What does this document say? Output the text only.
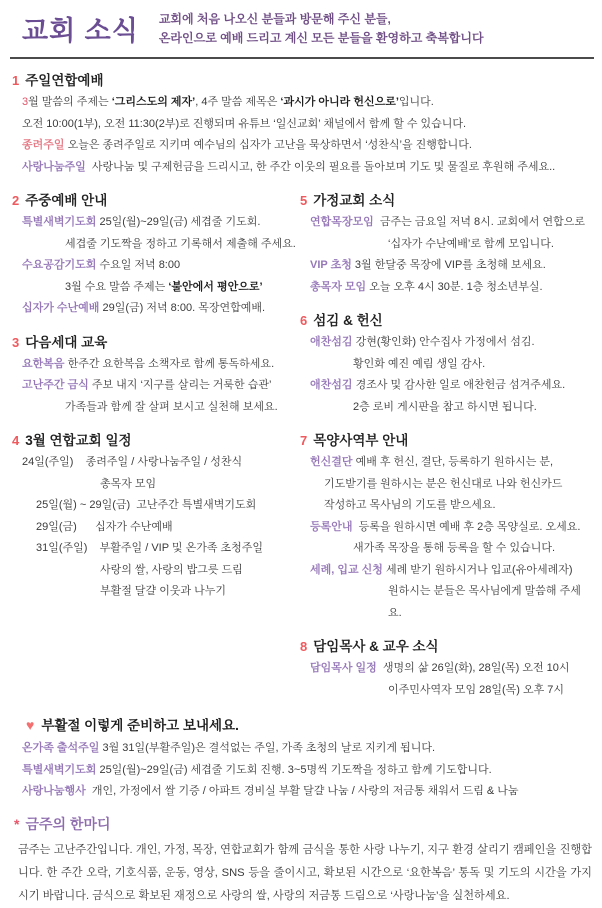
교회 소식 교회에 처음 나오신 분들과 방문해 주신 분들,
온라인으로 예배 드리고 계신 모든 분들을 환영하고 축복합니다
1 주일연합예배
3월 말씀의 주제는 ‘그리스도의 제자’, 4주 말씀 제목은 ‘과시가 아니라 헌신으로’입니다.
오전 10:00(1부), 오전 11:30(2부)로 진행되며 유튜브 ‘일신교회’ 채널에서 함께 할 수 있습니다.
종려주일 오늘은 종려주일로 지키며 예수님의 십자가 고난을 묵상하면서 ‘성찬식’을 진행합니다.
사랑나눔주일  사랑나눔 및 구제헌금을 드리시고, 한 주간 이웃의 필요를 돌아보며 기도 및 물질로 후원해 주세요..
2 주중예배 안내
특별새벽기도회 25일(월)~29일(금) 세겹줄 기도회.
세겹줄 기도짝을 정하고 기록해서 제출해 주세요.
수요공감기도회 수요일 저녁 8:00
3월 수요 말씀 주제는 ‘불안에서 평안으로’
십자가 수난예배 29일(금) 저녁 8:00. 목장연합예배.
3 다음세대 교육
요한복음 한주간 요한복음 소책자로 함께 통독하세요.
고난주간 금식 주보 내지 ‘지구를 살리는 거룩한 습관’
가족들과 함께 잘 살펴 보시고 실천해 보세요.
4 3월 연합교회 일정
24일(주일)    종려주일 / 사랑나눔주일 / 성찬식
총목자 모임
25일(월) ~ 29일(금)  고난주간 특별새벽기도회
29일(금)      십자가 수난예배
31일(주일)    부활주일 / VIP 및 온가족 초청주일
사랑의 쌀, 사랑의 밥그릇 드림
부활절 달걀 이웃과 나누기
5 가정교회 소식
연합목장모임  금주는 금요일 저녁 8시. 교회에서 연합으로
‘십자가 수난예배’로 함께 모입니다.
VIP 초청 3월 한달중 목장에 VIP를 초청해 보세요.
총목자 모임 오늘 오후 4시 30분. 1층 청소년부실.
6 섬김 & 헌신
애찬섬김 강현(황인화) 안수집사 가정에서 섬김.
황인화 예진 예림 생일 감사.
애찬섬김 경조사 및 감사한 일로 애찬헌금 섬겨주세요.
2층 로비 게시판을 참고 하시면 됩니다.
7 목양사역부 안내
헌신결단 예배 후 헌신, 결단, 등록하기 원하시는 분,
기도받기를 원하시는 분은 헌신대로 나와 헌신카드
작성하고 목사님의 기도를 받으세요.
등록안내  등록을 원하시면 예배 후 2층 목양실로. 오세요.
새가족 목장을 통해 등록을 할 수 있습니다.
세례, 입교 신청 세례 받기 원하시거나 입교(유아세례자)
원하시는 분들은 목사님에게 말씀해 주세요.
8 담임목사 & 교우 소식
담임목사 일정  생명의 삶 26일(화), 28일(목) 오전 10시
이주민사역자 모임 28일(목) 오후 7시
♥ 부활절 이렇게 준비하고 보내세요.
온가족 출석주일 3월 31일(부활주일)은 결석없는 주일, 가족 초청의 날로 지키게 됩니다.
특별새벽기도회 25일(월)~29일(금) 세겹줄 기도회 진행. 3~5명씩 기도짝을 정하고 함께 기도합니다.
사랑나눔행사  개인, 가정에서 쌀 기증 / 아파트 경비실 부활 달걀 나눔 / 사랑의 저금통 채워서 드림 & 나눔
* 금주의 한마디
금주는 고난주간입니다. 개인, 가정, 목장, 연합교회가 함께 금식을 통한 사랑 나누기, 지구 환경 살리기 캠페인을 진행합니다. 한 주간 오락, 기호식품, 운동, 영상, SNS 등을 줄이시고, 확보된 시간으로 ‘요한복음’ 통독 및 기도의 시간을 가지시기 바랍니다. 금식으로 확보된 재정으로 사랑의 쌀, 사랑의 저금통 드림으로 ‘사랑나눔’을 실천하세요.
